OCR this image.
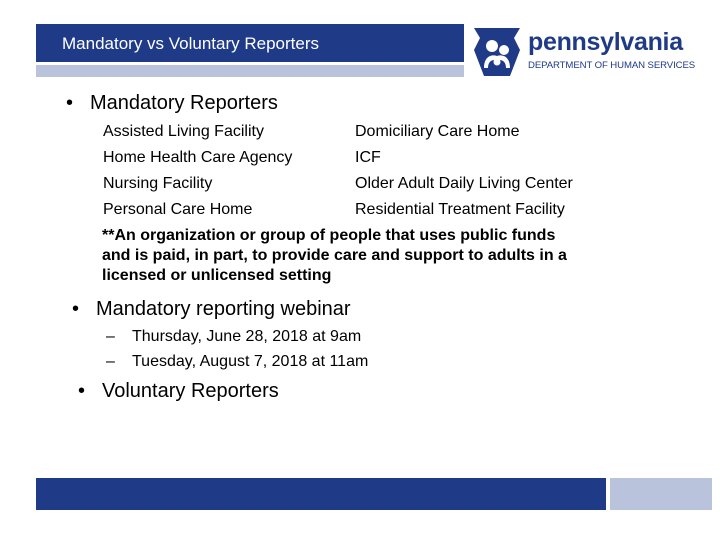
Mandatory vs Voluntary Reporters	pennsylvania
DEPARTMENT OF HUMAN SERVICES
• Mandatory Reporters
Assisted Living Facility
Home Health Care Agency
Nursing Facility
Personal Care Home
Domiciliary Care Home
ICF
Older Adult Daily Living Center
Residential Treatment Facility
**An organization or group of people that uses public funds
and is paid, in part, to provide care and support to adults in a
licensed or unlicensed setting
• Mandatory reporting webinar
– Thursday, June 28, 2018 at 9am
– Tuesday, August 7, 2018 at 11am
• Voluntary Reporters
